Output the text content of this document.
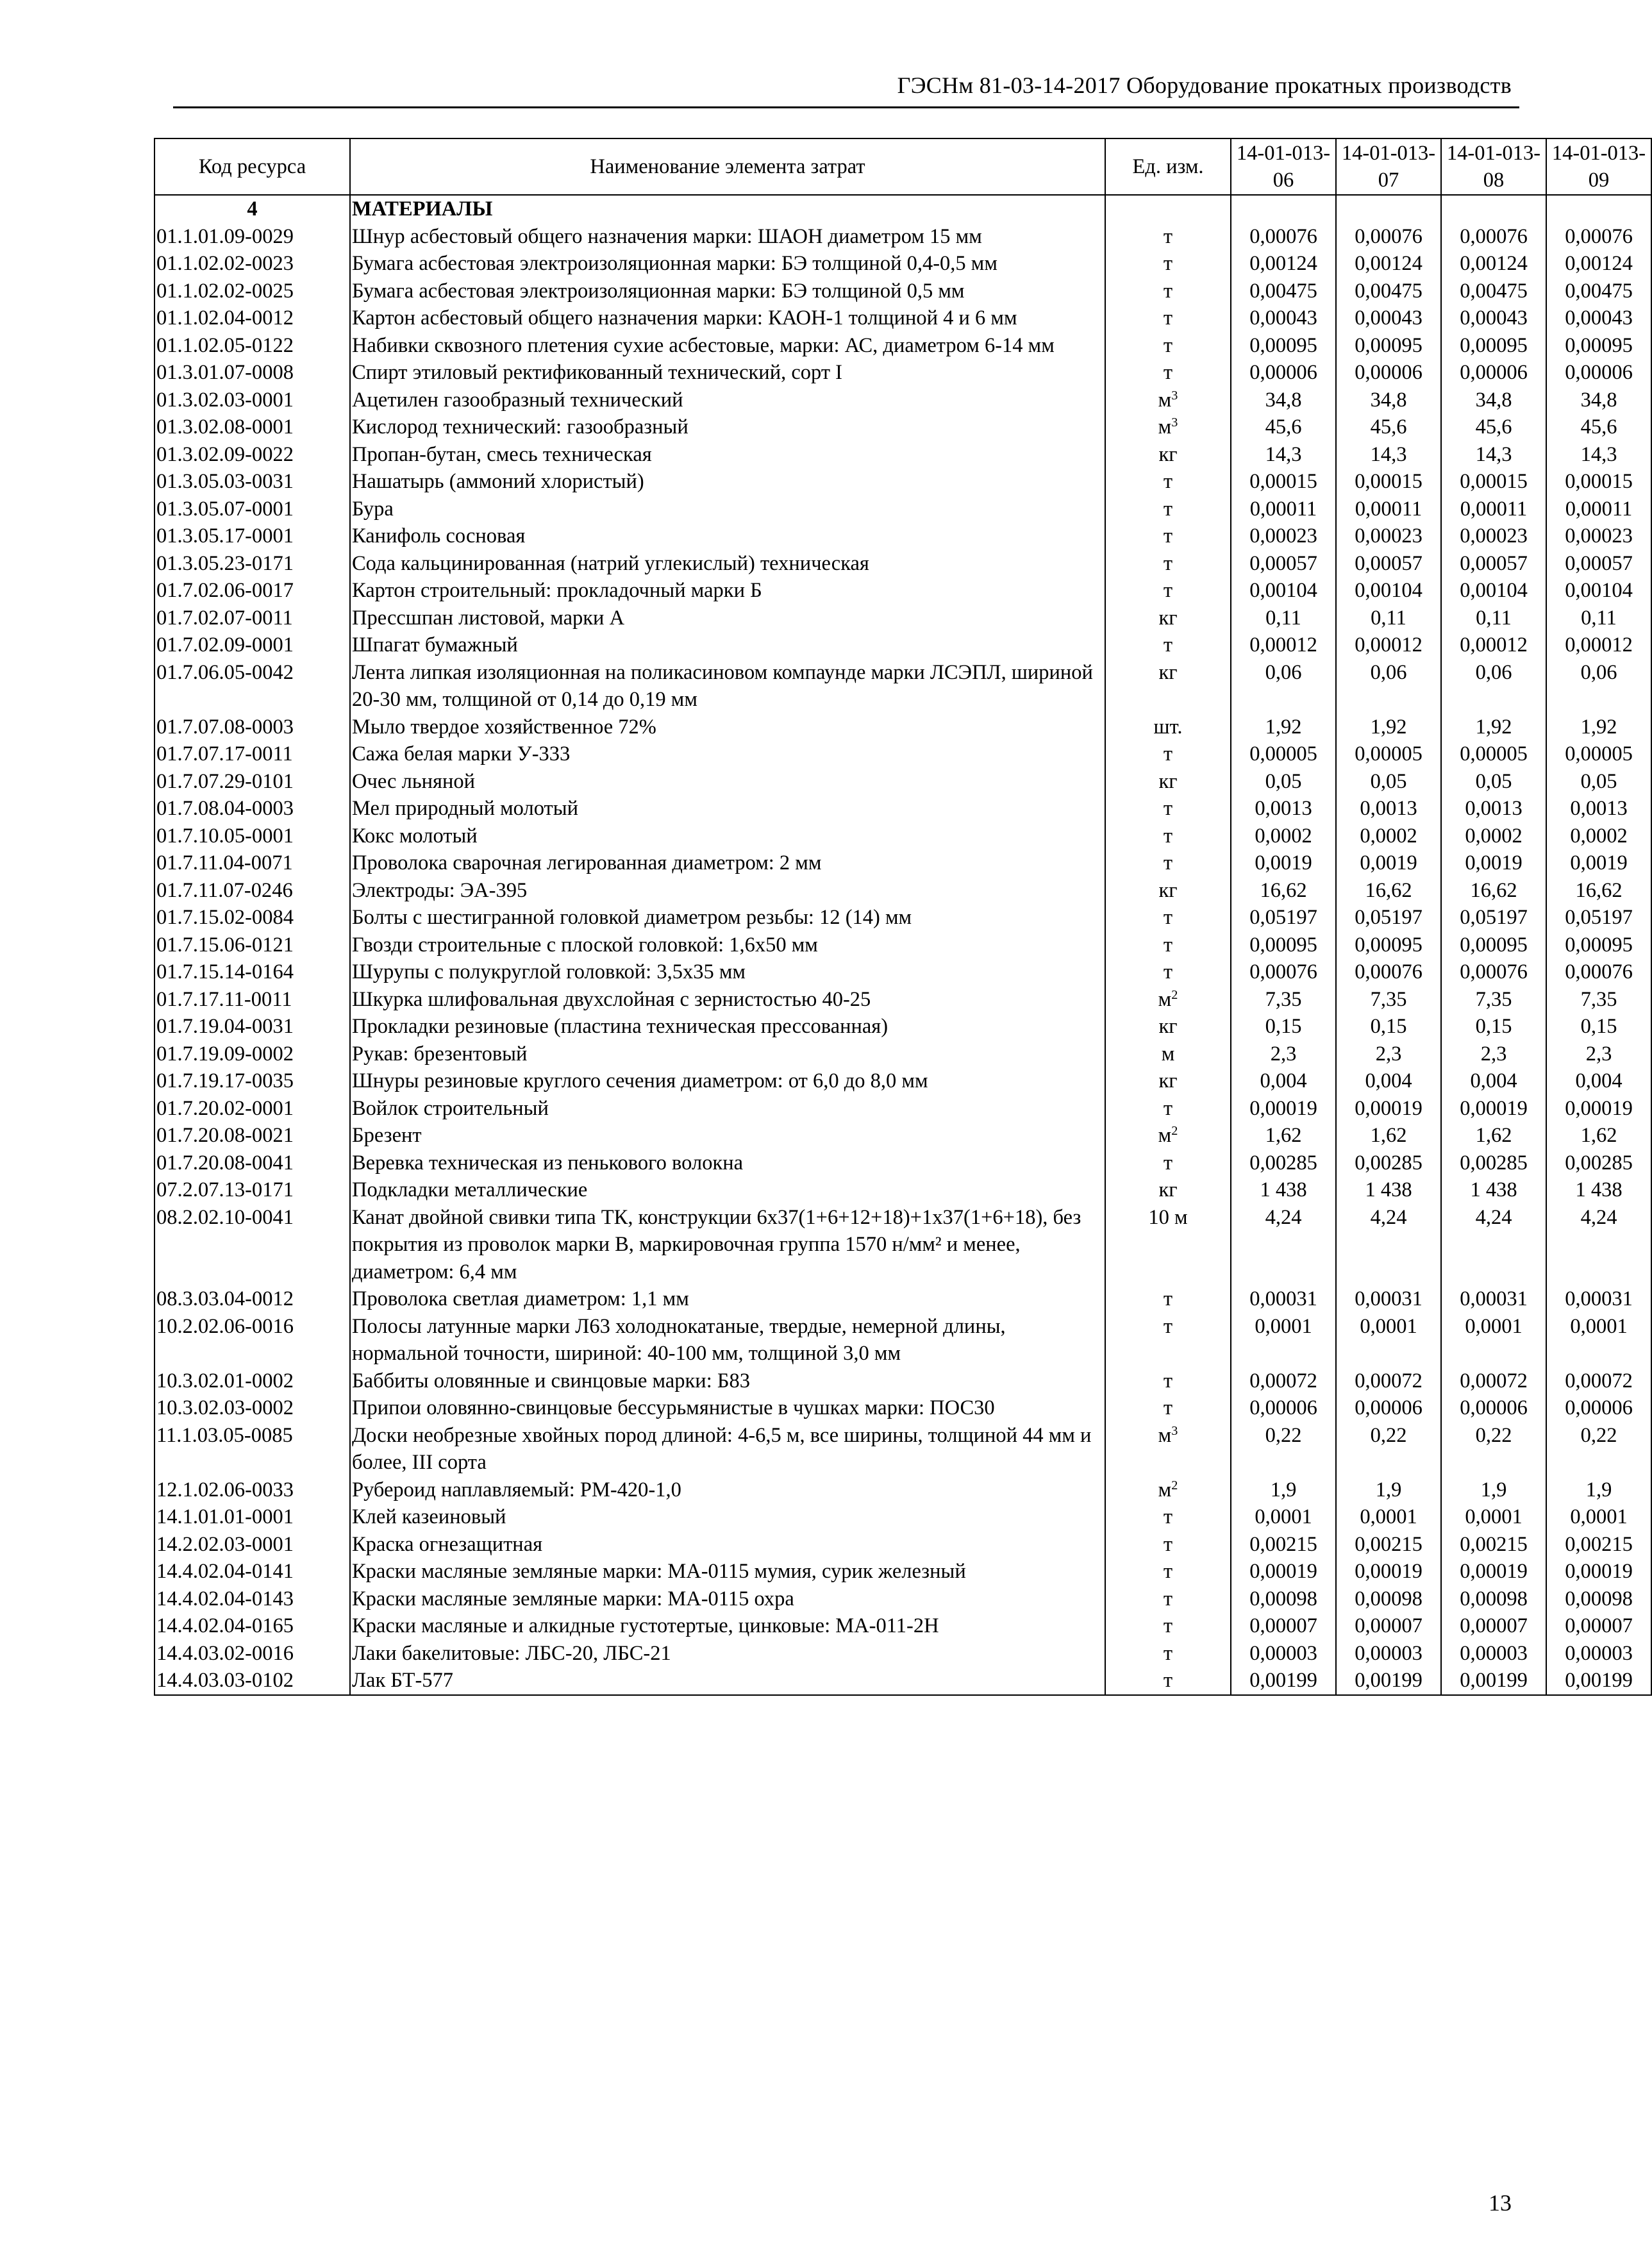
ГЭСНм 81-03-14-2017 Оборудование прокатных производств
Код ресурса	Наименование элемента затрат	Ед. изм.	14-01-013-06	14-01-013-07	14-01-013-08	14-01-013-09
4	МАТЕРИАЛЫ					
01.1.01.09-0029	Шнур асбестовый общего назначения марки: ШАОН диаметром 15 мм	т	0,00076	0,00076	0,00076	0,00076
01.1.02.02-0023	Бумага асбестовая электроизоляционная марки: БЭ толщиной 0,4-0,5 мм	т	0,00124	0,00124	0,00124	0,00124
01.1.02.02-0025	Бумага асбестовая электроизоляционная марки: БЭ толщиной 0,5 мм	т	0,00475	0,00475	0,00475	0,00475
01.1.02.04-0012	Картон асбестовый общего назначения марки: КАОН-1 толщиной 4 и 6 мм	т	0,00043	0,00043	0,00043	0,00043
01.1.02.05-0122	Набивки сквозного плетения сухие асбестовые, марки: АС, диаметром 6-14 мм	т	0,00095	0,00095	0,00095	0,00095
01.3.01.07-0008	Спирт этиловый ректификованный технический, сорт I	т	0,00006	0,00006	0,00006	0,00006
01.3.02.03-0001	Ацетилен газообразный технический	$м^3$	34,8	34,8	34,8	34,8
01.3.02.08-0001	Кислород технический: газообразный	$м^3$	45,6	45,6	45,6	45,6
01.3.02.09-0022	Пропан-бутан, смесь техническая	кг	14,3	14,3	14,3	14,3
01.3.05.03-0031	Нашатырь (аммоний хлористый)	т	0,00015	0,00015	0,00015	0,00015
01.3.05.07-0001	Бура	т	0,00011	0,00011	0,00011	0,00011
01.3.05.17-0001	Канифоль сосновая	т	0,00023	0,00023	0,00023	0,00023
01.3.05.23-0171	Сода кальцинированная (натрий углекислый) техническая	т	0,00057	0,00057	0,00057	0,00057
01.7.02.06-0017	Картон строительный: прокладочный марки Б	т	0,00104	0,00104	0,00104	0,00104
01.7.02.07-0011	Прессшпан листовой, марки А	кг	0,11	0,11	0,11	0,11
01.7.02.09-0001	Шпагат бумажный	т	0,00012	0,00012	0,00012	0,00012
01.7.06.05-0042	Лента липкая изоляционная на поликасиновом компаунде марки ЛСЭПЛ, шириной 20-30 мм, толщиной от 0,14 до 0,19 мм	кг	0,06	0,06	0,06	0,06
01.7.07.08-0003	Мыло твердое хозяйственное 72%	шт.	1,92	1,92	1,92	1,92
01.7.07.17-0011	Сажа белая марки У-333	т	0,00005	0,00005	0,00005	0,00005
01.7.07.29-0101	Очес льняной	кг	0,05	0,05	0,05	0,05
01.7.08.04-0003	Мел природный молотый	т	0,0013	0,0013	0,0013	0,0013
01.7.10.05-0001	Кокс молотый	т	0,0002	0,0002	0,0002	0,0002
01.7.11.04-0071	Проволока сварочная легированная диаметром: 2 мм	т	0,0019	0,0019	0,0019	0,0019
01.7.11.07-0246	Электроды: ЭА-395	кг	16,62	16,62	16,62	16,62
01.7.15.02-0084	Болты с шестигранной головкой диаметром резьбы: 12 (14) мм	т	0,05197	0,05197	0,05197	0,05197
01.7.15.06-0121	Гвозди строительные с плоской головкой: 1,6х50 мм	т	0,00095	0,00095	0,00095	0,00095
01.7.15.14-0164	Шурупы с полукруглой головкой: 3,5х35 мм	т	0,00076	0,00076	0,00076	0,00076
01.7.17.11-0011	Шкурка шлифовальная двухслойная с зернистостью 40-25	$м^2$	7,35	7,35	7,35	7,35
01.7.19.04-0031	Прокладки резиновые (пластина техническая прессованная)	кг	0,15	0,15	0,15	0,15
01.7.19.09-0002	Рукав: брезентовый	м	2,3	2,3	2,3	2,3
01.7.19.17-0035	Шнуры резиновые круглого сечения диаметром: от 6,0 до 8,0 мм	кг	0,004	0,004	0,004	0,004
01.7.20.02-0001	Войлок строительный	т	0,00019	0,00019	0,00019	0,00019
01.7.20.08-0021	Брезент	$м^2$	1,62	1,62	1,62	1,62
01.7.20.08-0041	Веревка техническая из пенькового волокна	т	0,00285	0,00285	0,00285	0,00285
07.2.07.13-0171	Подкладки металлические	кг	1 438	1 438	1 438	1 438
08.2.02.10-0041	Канат двойной свивки типа ТК, конструкции 6х37(1+6+12+18)+1х37(1+6+18), без покрытия из проволок марки В, маркировочная группа 1570 н/мм² и менее, диаметром: 6,4 мм	10 м	4,24	4,24	4,24	4,24
08.3.03.04-0012	Проволока светлая диаметром: 1,1 мм	т	0,00031	0,00031	0,00031	0,00031
10.2.02.06-0016	Полосы латунные марки Л63 холоднокатаные, твердые, немерной длины, нормальной точности, шириной: 40-100 мм, толщиной 3,0 мм	т	0,0001	0,0001	0,0001	0,0001
10.3.02.01-0002	Баббиты оловянные и свинцовые марки: Б83	т	0,00072	0,00072	0,00072	0,00072
10.3.02.03-0002	Припои оловянно-свинцовые бессурьмянистые в чушках марки: ПОС30	т	0,00006	0,00006	0,00006	0,00006
11.1.03.05-0085	Доски необрезные хвойных пород длиной: 4-6,5 м, все ширины, толщиной 44 мм и более, III сорта	$м^3$	0,22	0,22	0,22	0,22
12.1.02.06-0033	Рубероид наплавляемый: РМ-420-1,0	$м^2$	1,9	1,9	1,9	1,9
14.1.01.01-0001	Клей казеиновый	т	0,0001	0,0001	0,0001	0,0001
14.2.02.03-0001	Краска огнезащитная	т	0,00215	0,00215	0,00215	0,00215
14.4.02.04-0141	Краски масляные земляные марки: МА-0115 мумия, сурик железный	т	0,00019	0,00019	0,00019	0,00019
14.4.02.04-0143	Краски масляные земляные марки: МА-0115 охра	т	0,00098	0,00098	0,00098	0,00098
14.4.02.04-0165	Краски масляные и алкидные густотертые, цинковые: МА-011-2Н	т	0,00007	0,00007	0,00007	0,00007
14.4.03.02-0016	Лаки бакелитовые: ЛБС-20, ЛБС-21	т	0,00003	0,00003	0,00003	0,00003
14.4.03.03-0102	Лак БТ-577	т	0,00199	0,00199	0,00199	0,00199
13
